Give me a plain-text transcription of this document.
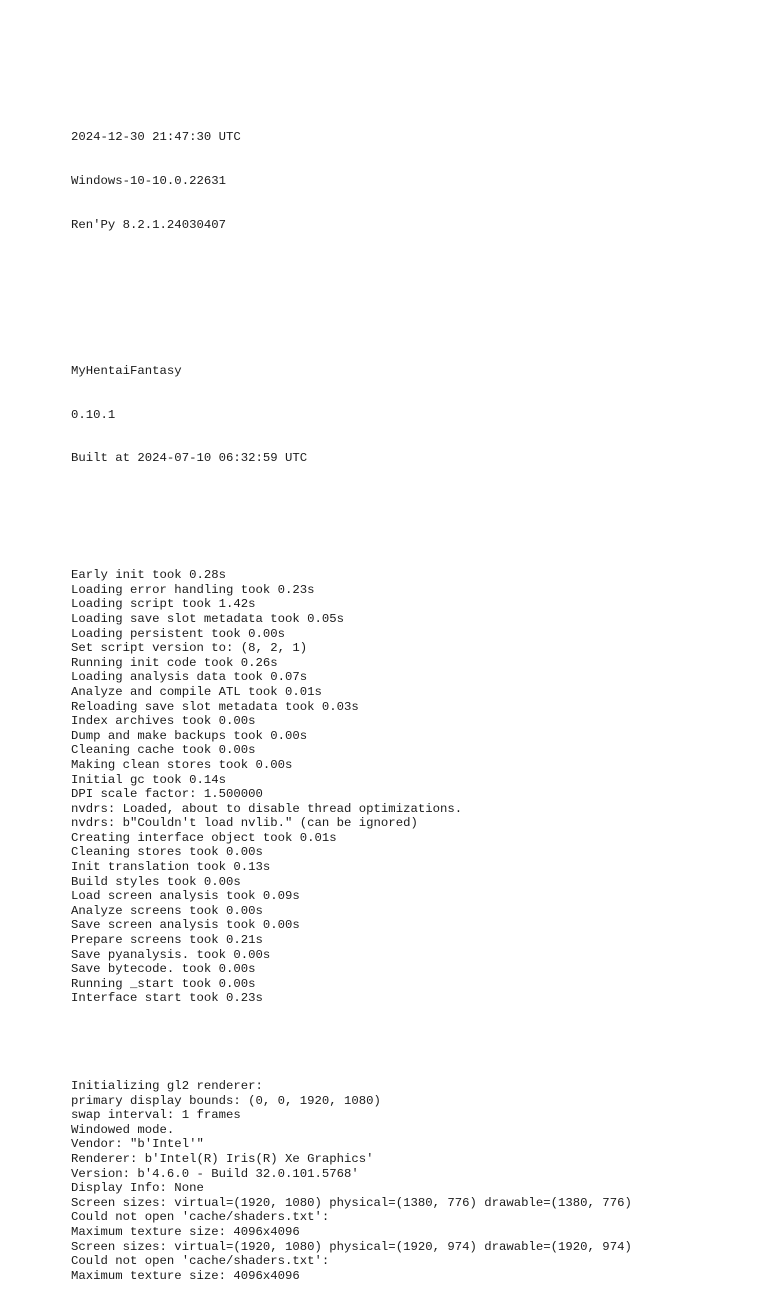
2024-12-30 21:47:30 UTC

Windows-10-10.0.22631

Ren'Py 8.2.1.24030407

MyHentaiFantasy

0.10.1

Built at 2024-07-10 06:32:59 UTC

Early init took 0.28s
Loading error handling took 0.23s
Loading script took 1.42s
Loading save slot metadata took 0.05s
Loading persistent took 0.00s
Set script version to: (8, 2, 1)
Running init code took 0.26s
Loading analysis data took 0.07s
Analyze and compile ATL took 0.01s
Reloading save slot metadata took 0.03s
Index archives took 0.00s
Dump and make backups took 0.00s
Cleaning cache took 0.00s
Making clean stores took 0.00s
Initial gc took 0.14s
DPI scale factor: 1.500000
nvdrs: Loaded, about to disable thread optimizations.
nvdrs: b"Couldn't load nvlib." (can be ignored)
Creating interface object took 0.01s
Cleaning stores took 0.00s
Init translation took 0.13s
Build styles took 0.00s
Load screen analysis took 0.09s
Analyze screens took 0.00s
Save screen analysis took 0.00s
Prepare screens took 0.21s
Save pyanalysis. took 0.00s
Save bytecode. took 0.00s
Running _start took 0.00s
Interface start took 0.23s

Initializing gl2 renderer:
primary display bounds: (0, 0, 1920, 1080)
swap interval: 1 frames
Windowed mode.
Vendor: "b'Intel'"
Renderer: b'Intel(R) Iris(R) Xe Graphics'
Version: b'4.6.0 - Build 32.0.101.5768'
Display Info: None
Screen sizes: virtual=(1920, 1080) physical=(1380, 776) drawable=(1380, 776)
Could not open 'cache/shaders.txt':
Maximum texture size: 4096x4096
Screen sizes: virtual=(1920, 1080) physical=(1920, 974) drawable=(1920, 974)
Could not open 'cache/shaders.txt':
Maximum texture size: 4096x4096
